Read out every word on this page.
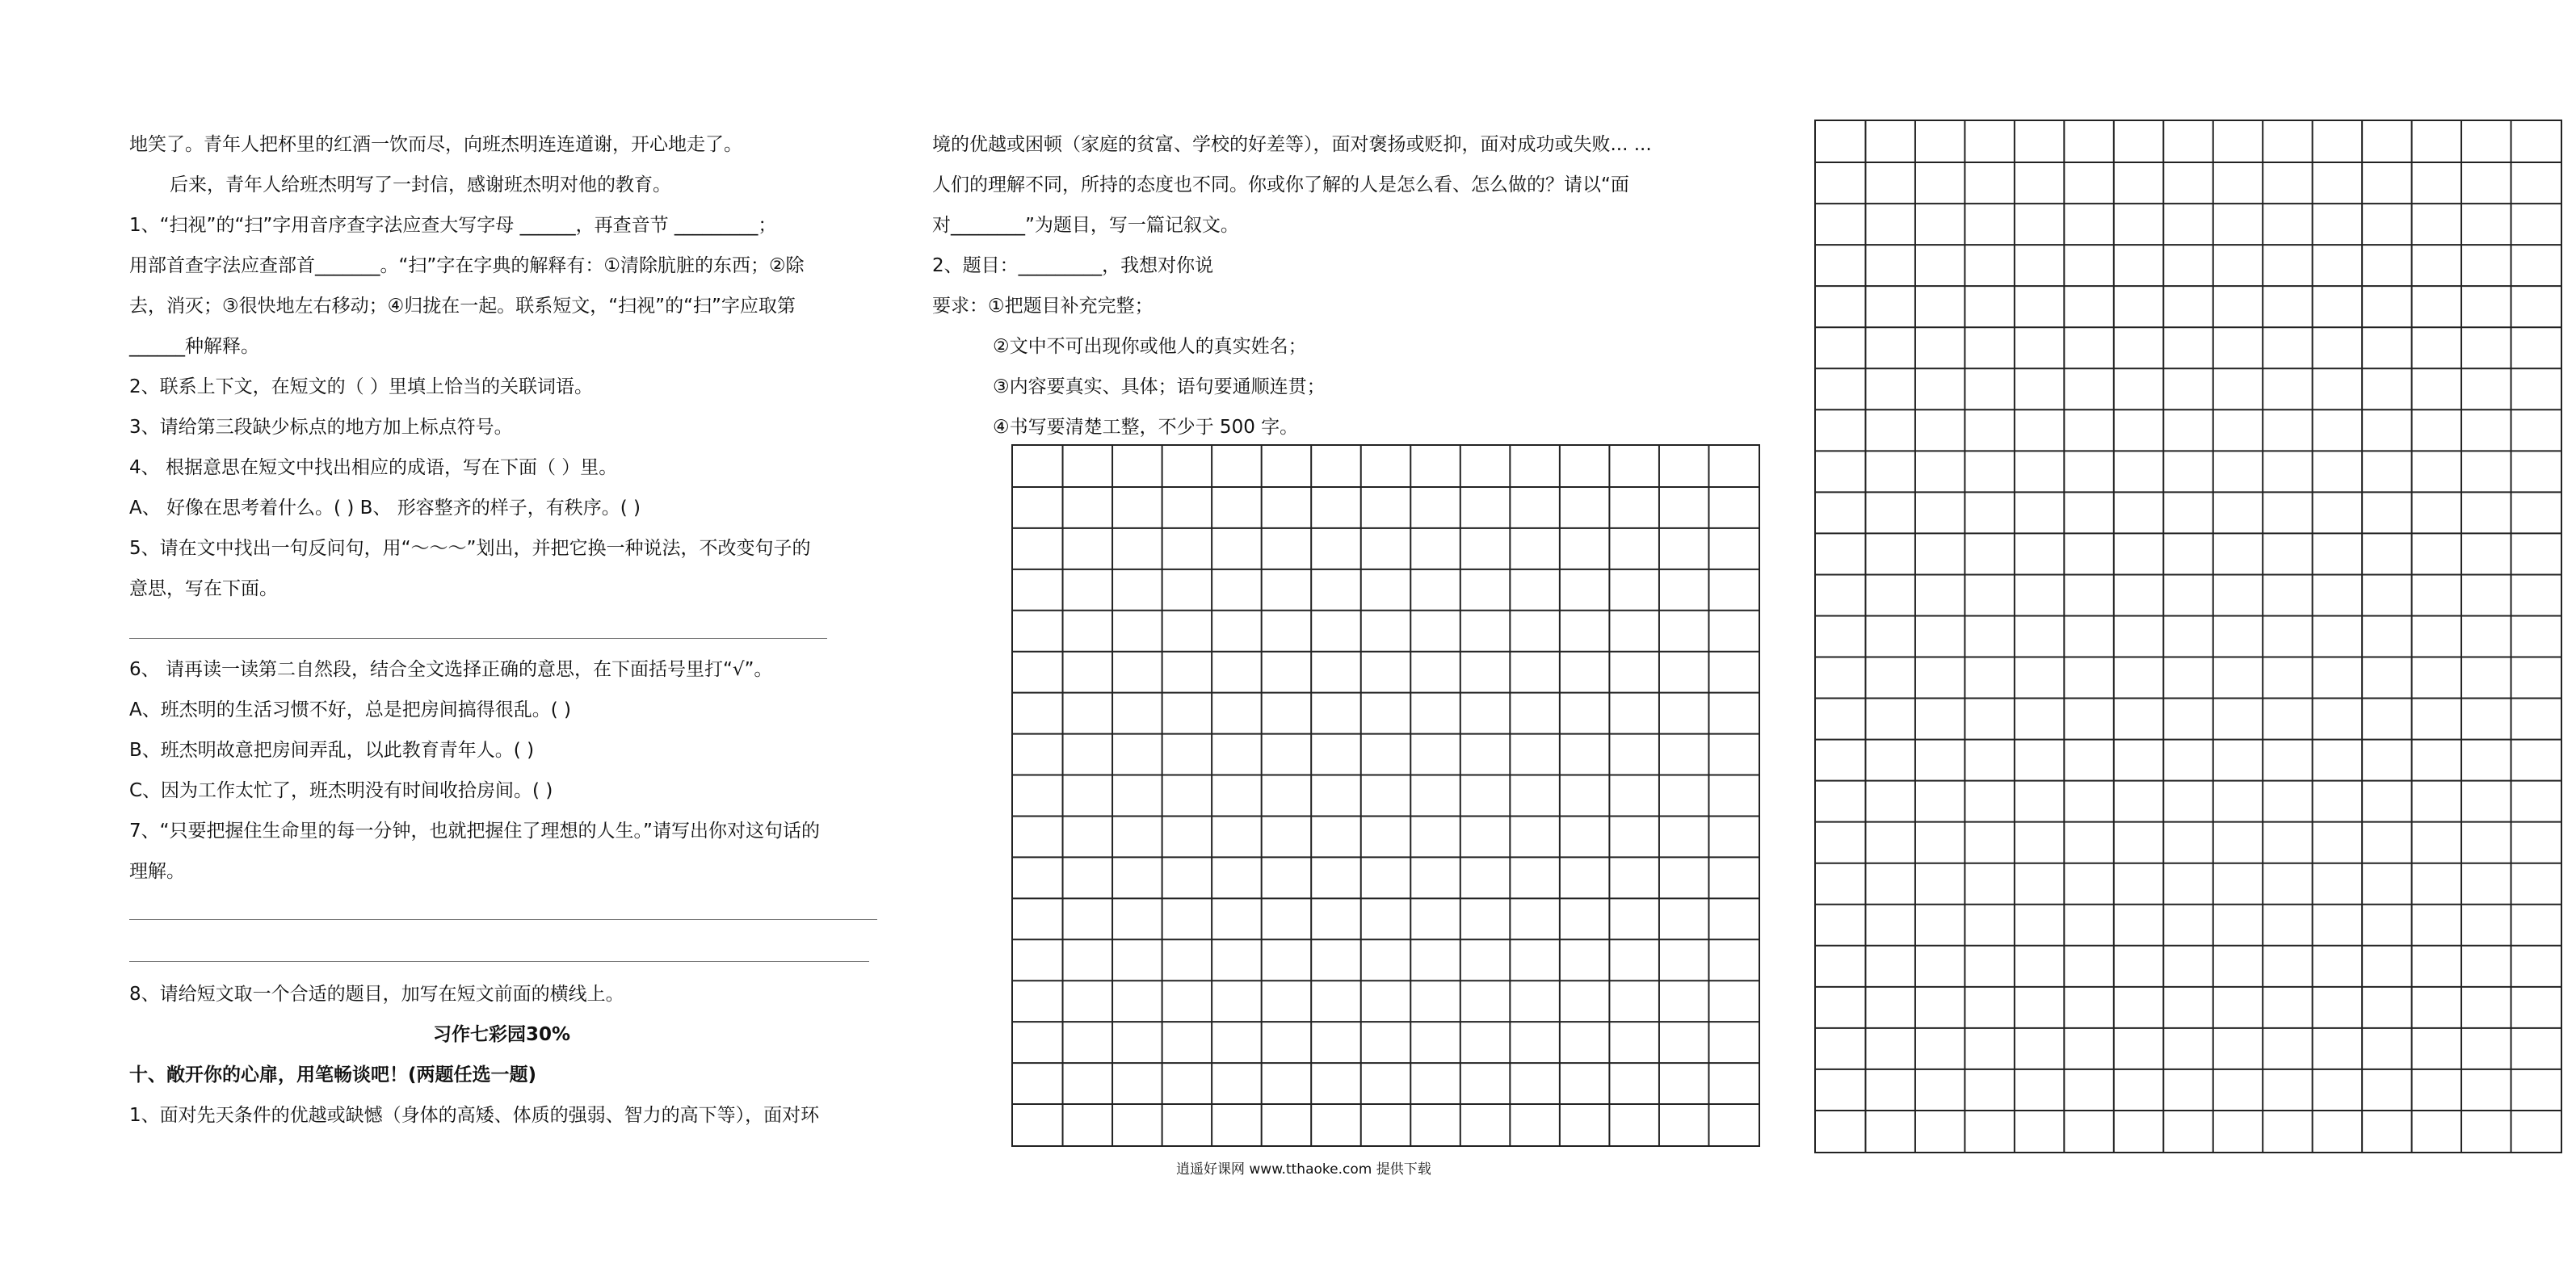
地笑了。青年人把杯里的红酒一饮而尽，向班杰明连连道谢，开心地走了。
后来，青年人给班杰明写了一封信，感谢班杰明对他的教育。
1、“扫视”的“扫”字用音序查字法应查大写字母 ______，再查音节 _________；
用部首查字法应查部首_______。“扫”字在字典的解释有：①清除肮脏的东西；②除
去，消灭；③很快地左右移动；④归拢在一起。联系短文，“扫视”的“扫”字应取第
______种解释。
2、联系上下文，在短文的（ ）里填上恰当的关联词语。
3、请给第三段缺少标点的地方加上标点符号。
4、 根据意思在短文中找出相应的成语，写在下面（ ）里。
A、 好像在思考着什么。( ) B、 形容整齐的样子，有秩序。( )
5、请在文中找出一句反问句，用“～～～”划出，并把它换一种说法，不改变句子的
意思，写在下面。
6、 请再读一读第二自然段，结合全文选择正确的意思，在下面括号里打“√”。
A、班杰明的生活习惯不好，总是把房间搞得很乱。( )
B、班杰明故意把房间弄乱，以此教育青年人。( )
C、因为工作太忙了，班杰明没有时间收拾房间。( )
7、“只要把握住生命里的每一分钟，也就把握住了理想的人生。”请写出你对这句话的
理解。
8、请给短文取一个合适的题目，加写在短文前面的横线上。
习作七彩园30%
十、敞开你的心扉，用笔畅谈吧！(两题任选一题)
1、面对先天条件的优越或缺憾（身体的高矮、体质的强弱、智力的高下等），面对环
境的优越或困顿（家庭的贫富、学校的好差等），面对褒扬或贬抑，面对成功或失败... ...
人们的理解不同，所持的态度也不同。你或你了解的人是怎么看、怎么做的？请以“面
对________”为题目，写一篇记叙文。
2、题目：_________，我想对你说
要求：①把题目补充完整；
②文中不可出现你或他人的真实姓名；
③内容要真实、具体；语句要通顺连贯；
④书写要清楚工整，不少于 500 字。
逍遥好课网 www.tthaoke.com 提供下载
